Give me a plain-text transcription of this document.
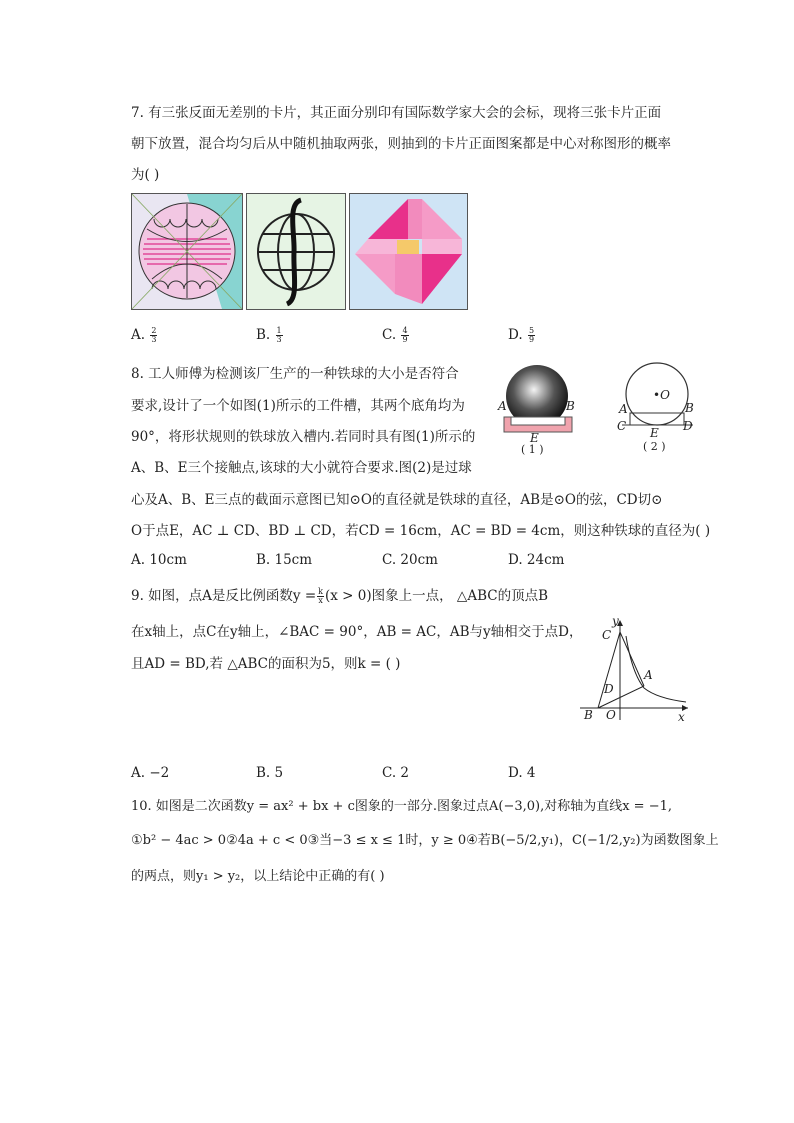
7. 有三张反面无差别的卡片，其正面分别印有国际数学家大会的会标，现将三张卡片正面
朝下放置，混合均匀后从中随机抽取两张，则抽到的卡片正面图案都是中心对称图形的概率
为( )
A. $\frac{2}{3}$	B. $\frac{1}{3}$	C. $\frac{4}{9}$	D. $\frac{5}{9}$
8. 工人师傅为检测该厂生产的一种铁球的大小是否符合
要求,设计了一个如图(1)所示的工件槽，其两个底角均为
90°，将形状规则的铁球放入槽内.若同时具有图(1)所示的
A、B、E三个接触点,该球的大小就符合要求.图(2)是过球
心及A、B、E三点的截面示意图已知⊙O的直径就是铁球的直径，AB是⊙O的弦，CD切⊙
O于点E，AC ⊥ CD、BD ⊥ CD，若CD = 16cm，AC = BD = 4cm，则这种铁球的直径为( )
A	B
E
( 1 )
•O
A	B
C	D
E
( 2 )
A. 10cm	B. 15cm	C. 20cm	D. 24cm
9. 如图，点A是反比例函数$y = \frac{k}{x} (x > 0)$图象上一点， △ABC的顶点B
在x轴上，点C在y轴上，∠BAC = 90°，AB = AC，AB与y轴相交于点D，
且AD = BD,若 △ABC的面积为5，则k = ( )
y
C
A
D
B O	x
A. −2	B. 5	C. 2	D. 4
10. 如图是二次函数y = ax² + bx + c图象的一部分.图象过点A(−3,0),对称轴为直线x = −1,
①b² − 4ac > 0②4a + c < 0③当−3 ≤ x ≤ 1时，y ≥ 0④若B(−5/2,y₁)，C(−1/2,y₂)为函数图象上
的两点，则y₁ > y₂，以上结论中正确的有( )
